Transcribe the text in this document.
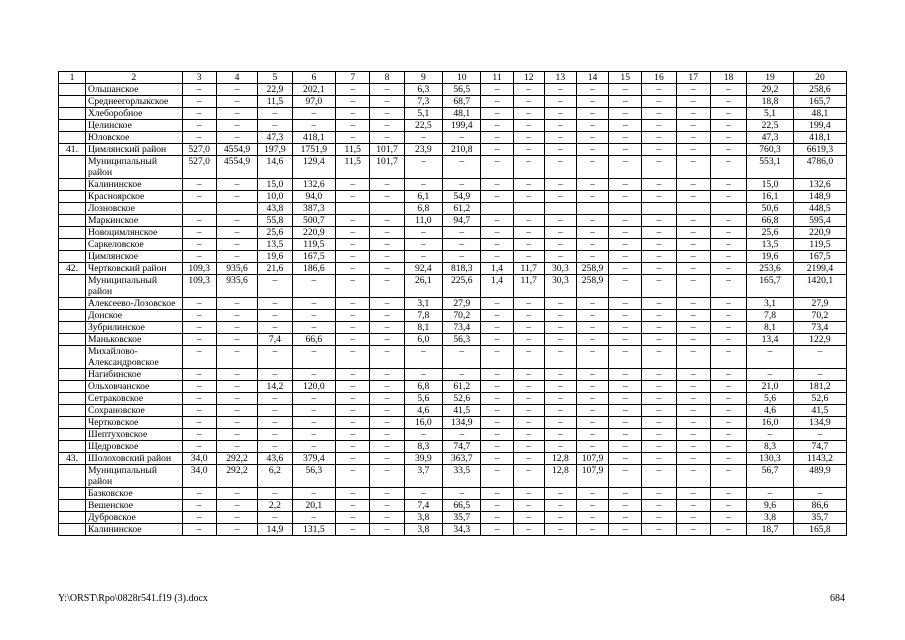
1	2	3	4	5	6	7	8	9	10	11	12	13	14	15	16	17	18	19	20
	Ольшанское	–	–	22,9	202,1	–	–	6,3	56,5	–	–	–	–	–	–	–	–	29,2	258,6
	Среднеегорлыкское	–	–	11,5	97,0	–	–	7,3	68,7	–	–	–	–	–	–	–	–	18,8	165,7
	Хлеборобное	–	–	–	–	–	–	5,1	48,1	–	–	–	–	–	–	–	–	5,1	48,1
	Целинское	–	–	–	–	–	–	22,5	199,4	–	–	–	–	–	–	–	–	22,5	199,4
	Юловское	–	–	47,3	418,1	–	–	–	–	–	–	–	–	–	–	–	–	47,3	418,1
41.	Цимлянский район	527,0	4554,9	197,9	1751,9	11,5	101,7	23,9	210,8	–	–	–	–	–	–	–	–	760,3	6619,3
	Муниципальный район	527,0	4554,9	14,6	129,4	11,5	101,7	–	–	–	–	–	–	–	–	–	–	553,1	4786,0
	Калининское	–	–	15,0	132,6	–	–	–	–	–	–	–	–	–	–	–	–	15,0	132,6
	Красноярское	–	–	10,0	94,0	–	–	6,1	54,9	–	–	–	–	–	–	–	–	16,1	148,9
	Лозновское			43,8	387,3			6,8	61,2									50,6	448,5
	Маркинское	–	–	55,8	500,7	–	–	11,0	94,7	–	–	–	–	–	–	–	–	66,8	595,4
	Новоцимлянское	–	–	25,6	220,9	–	–	–	–	–	–	–	–	–	–	–	–	25,6	220,9
	Саркеловское	–	–	13,5	119,5	–	–	–	–	–	–	–	–	–	–	–	–	13,5	119,5
	Цимлянское	–	–	19,6	167,5	–	–	–	–	–	–	–	–	–	–	–	–	19,6	167,5
42.	Чертковский район	109,3	935,6	21,6	186,6	–	–	92,4	818,3	1,4	11,7	30,3	258,9	–	–	–	–	253,6	2199,4
	Муниципальный район	109,3	935,6	–	–	–	–	26,1	225,6	1,4	11,7	30,3	258,9	–	–	–	–	165,7	1420,1
	Алексеево-Лозовское	–	–	–	–	–	–	3,1	27,9	–	–	–	–	–	–	–	–	3,1	27,9
	Донское	–	–	–	–	–	–	7,8	70,2	–	–	–	–	–	–	–	–	7,8	70,2
	Зубрилинское	–	–	–	–	–	–	8,1	73,4	–	–	–	–	–	–	–	–	8,1	73,4
	Маньковское	–	–	7,4	66,6	–	–	6,0	56,3	–	–	–	–	–	–	–	–	13,4	122,9
	Михайлово-Александровское	–	–	–	–	–	–	–	–	–	–	–	–	–	–	–	–	–	–
	Нагибинское	–	–	–	–	–	–	–	–	–	–	–	–	–	–	–	–	–	–
	Ольховчанское	–	–	14,2	120,0	–	–	6,8	61,2	–	–	–	–	–	–	–	–	21,0	181,2
	Сетраковское	–	–	–	–	–	–	5,6	52,6	–	–	–	–	–	–	–	–	5,6	52,6
	Сохрановское	–	–	–	–	–	–	4,6	41,5	–	–	–	–	–	–	–	–	4,6	41,5
	Чертковское	–	–	–	–	–	–	16,0	134,9	–	–	–	–	–	–	–	–	16,0	134,9
	Шептуховское	–	–	–	–	–	–	–	–	–	–	–	–	–	–	–	–	–	–
	Щедровское	–	–	–	–	–	–	8,3	74,7	–	–	–	–	–	–	–	–	8,3	74,7
43.	Шолоховский район	34,0	292,2	43,6	379,4	–	–	39,9	363,7	–	–	12,8	107,9	–	–	–	–	130,3	1143,2
	Муниципальный район	34,0	292,2	6,2	56,3	–	–	3,7	33,5	–	–	12,8	107,9	–	–	–	–	56,7	489,9
	Базковское	–	–	–	–	–	–	–	–	–	–	–	–	–	–	–	–	–	–
	Вешенское	–	–	2,2	20,1	–	–	7,4	66,5	–	–	–	–	–	–	–	–	9,6	86,6
	Дубровское	–	–	–	–	–	–	3,8	35,7	–	–	–	–	–	–	–	–	3,8	35,7
	Калининское	–	–	14,9	131,5	–	–	3,8	34,3	–	–	–	–	–	–	–	–	18,7	165,8
Y:\ORST\Rpo\0828r541.f19 (3).docx	684
